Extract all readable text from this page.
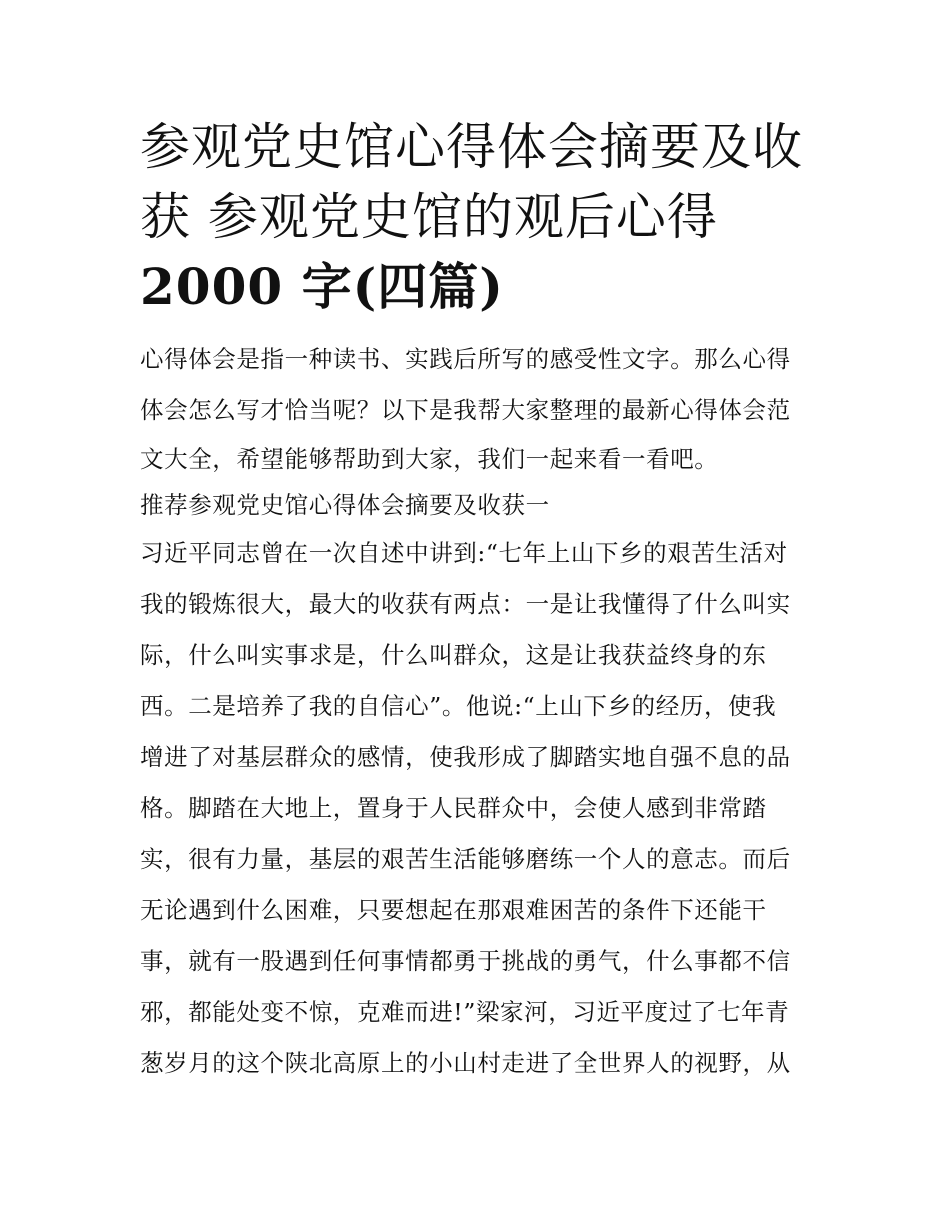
参观党史馆心得体会摘要及收
获 参观党史馆的观后心得
2000 字(四篇)
心得体会是指一种读书、实践后所写的感受性文字。那么心得
体会怎么写才恰当呢？以下是我帮大家整理的最新心得体会范
文大全，希望能够帮助到大家，我们一起来看一看吧。
推荐参观党史馆心得体会摘要及收获一
习近平同志曾在一次自述中讲到:“七年上山下乡的艰苦生活对
我的锻炼很大，最大的收获有两点：一是让我懂得了什么叫实
际，什么叫实事求是，什么叫群众，这是让我获益终身的东
西。二是培养了我的自信心”。他说:“上山下乡的经历，使我
增进了对基层群众的感情，使我形成了脚踏实地自强不息的品
格。脚踏在大地上，置身于人民群众中，会使人感到非常踏
实，很有力量，基层的艰苦生活能够磨练一个人的意志。而后
无论遇到什么困难，只要想起在那艰难困苦的条件下还能干
事，就有一股遇到任何事情都勇于挑战的勇气，什么事都不信
邪，都能处变不惊，克难而进!”梁家河，习近平度过了七年青
葱岁月的这个陕北高原上的小山村走进了全世界人的视野，从
